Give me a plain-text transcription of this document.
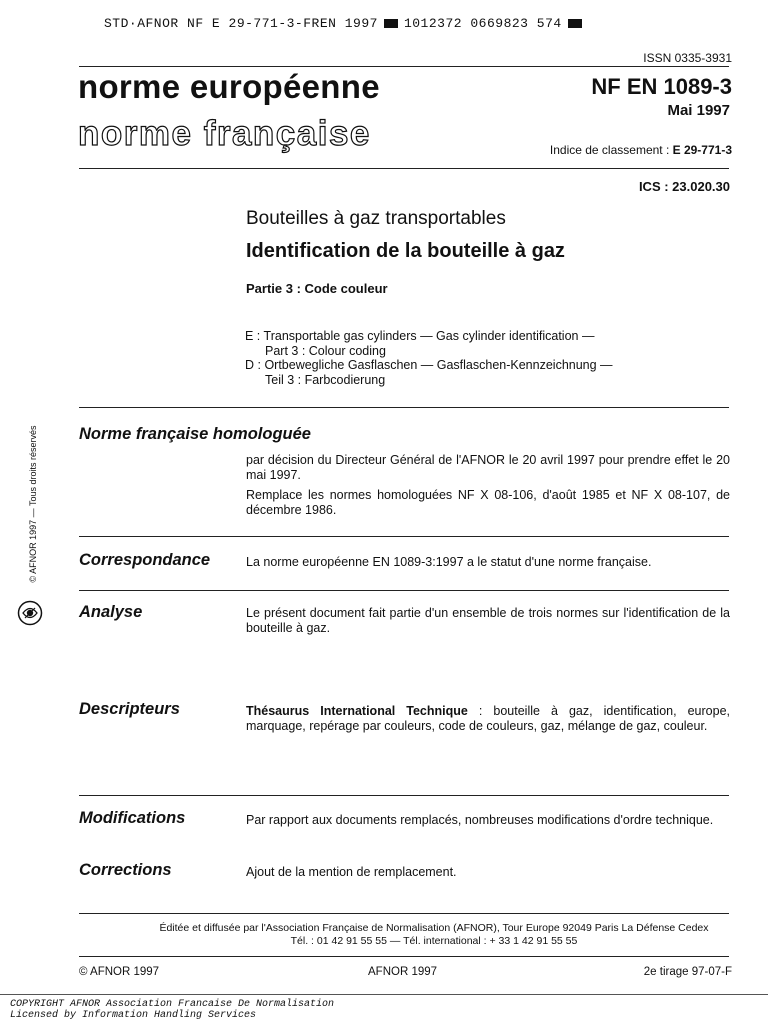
STD·AFNOR NF E 29-771-3-FREN 1997 1012372 0669823 574
ISSN 0335-3931
norme européenne
norme française
NF EN 1089-3
Mai 1997
Indice de classement : E 29-771-3
ICS : 23.020.30
Bouteilles à gaz transportables
Identification de la bouteille à gaz
Partie 3 : Code couleur
E : Transportable gas cylinders — Gas cylinder identification —
Part 3 : Colour coding
D : Ortbewegliche Gasflaschen — Gasflaschen-Kennzeichnung —
Teil 3 : Farbcodierung
Norme française homologuée

par décision du Directeur Général de l'AFNOR le 20 avril 1997 pour prendre effet le 20 mai 1997.

Remplace les normes homologuées NF X 08-106, d'août 1985 et NF X 08-107, de décembre 1986.

Correspondance	La norme européenne EN 1089-3:1997 a le statut d'une norme française.
Analyse	Le présent document fait partie d'un ensemble de trois normes sur l'identification de la bouteille à gaz.
Descripteurs	Thésaurus International Technique : bouteille à gaz, identification, europe, marquage, repérage par couleurs, code de couleurs, gaz, mélange de gaz, couleur.
Modifications	Par rapport aux documents remplacés, nombreuses modifications d'ordre technique.
Corrections	Ajout de la mention de remplacement.
© AFNOR 1997 — Tous droits réservés
Éditée et diffusée par l'Association Française de Normalisation (AFNOR), Tour Europe 92049 Paris La Défense Cedex
Tél. : 01 42 91 55 55 — Tél. international : + 33 1 42 91 55 55
© AFNOR 1997	AFNOR 1997	2e tirage 97-07-F
COPYRIGHT AFNOR Association Francaise De Normalisation
Licensed by Information Handling Services
